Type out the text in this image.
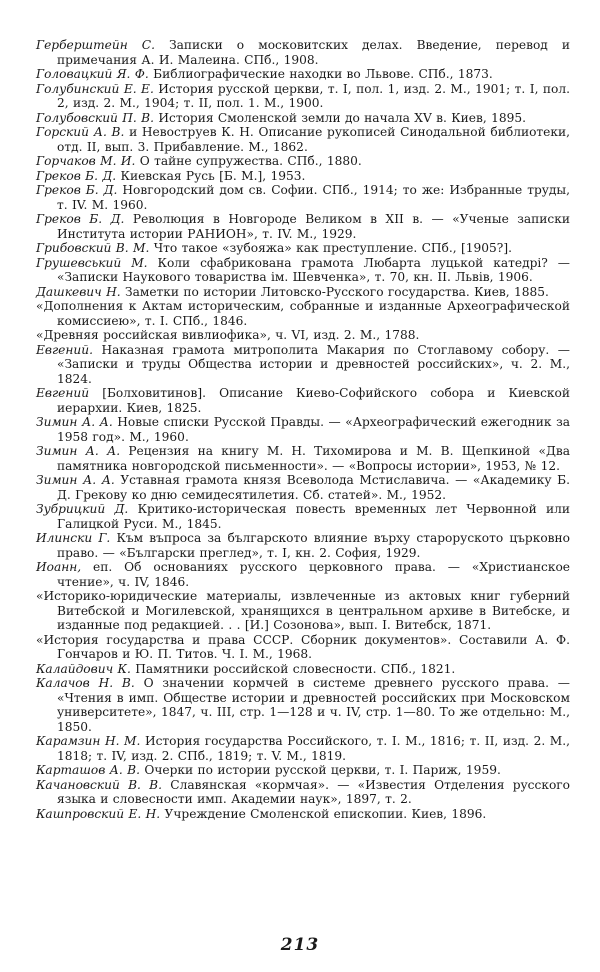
Герберштейн С. Записки о московитских делах. Введение, перевод и примечания А. И. Малеина. СПб., 1908.

Головацкий Я. Ф. Библиографические находки во Львове. СПб., 1873.

Голубинский Е. Е. История русской церкви, т. I, пол. 1, изд. 2. М., 1901; т. I, пол. 2, изд. 2. М., 1904; т. II, пол. 1. М., 1900.

Голубовский П. В. История Смоленской земли до начала XV в. Киев, 1895.

Горский А. В. и Невоструев К. Н. Описание рукописей Синодальной библиотеки, отд. II, вып. 3. Прибавление. М., 1862.

Горчаков М. И. О тайне супружества. СПб., 1880.

Греков Б. Д. Киевская Русь [Б. М.], 1953.

Греков Б. Д. Новгородский дом св. Софии. СПб., 1914; то же: Избранные труды, т. IV. М. 1960.

Греков Б. Д. Революция в Новгороде Великом в XII в. — «Ученые записки Института истории РАНИОН», т. IV. М., 1929.

Грибовский В. М. Что такое «зубояжа» как преступление. СПб., [1905?].

Грушевський М. Коли сфабрикована грамота Любарта луцькой катедрі? — «Записки Наукового товариства ім. Шевченка», т. 70, кн. II. Львів, 1906.

Дашкевич Н. Заметки по истории Литовско-Русского государства. Киев, 1885.

«Дополнения к Актам историческим, собранные и изданные Археографической комиссиею», т. I. СПб., 1846.

«Древняя российская вивлиофика», ч. VI, изд. 2. М., 1788.

Евгений. Наказная грамота митрополита Макария по Стоглавому собору. — «Записки и труды Общества истории и древностей российских», ч. 2. М., 1824.

Евгений [Болховитинов]. Описание Киево-Софийского собора и Киевской иерархии. Киев, 1825.

Зимин А. А. Новые списки Русской Правды. — «Археографический ежегодник за 1958 год». М., 1960.

Зимин А. А. Рецензия на книгу М. Н. Тихомирова и М. В. Щепкиной «Два памятника новгородской письменности». — «Вопросы истории», 1953, № 12.

Зимин А. А. Уставная грамота князя Всеволода Мстиславича. — «Академику Б. Д. Грекову ко дню семидесятилетия. Сб. статей». М., 1952.

Зубрицкий Д. Критико-историческая повесть временных лет Червонной или Галицкой Руси. М., 1845.

Илински Г. Към въпроса за българското влияние върху староруското църковно право. — «Български преглед», т. I, кн. 2. София, 1929.

Иоанн, еп. Об основаниях русского церковного права. — «Христианское чтение», ч. IV, 1846.

«Историко-юридические материалы, извлеченные из актовых книг губерний Витебской и Могилевской, хранящихся в центральном архиве в Витебске, и изданные под редакцией. . . [И.] Созонова», вып. I. Витебск, 1871.

«История государства и права СССР. Сборник документов». Составили А. Ф. Гончаров и Ю. П. Титов. Ч. I. М., 1968.

Калайдович К. Памятники российской словесности. СПб., 1821.

Калачов Н. В. О значении кормчей в системе древнего русского права. — «Чтения в имп. Обществе истории и древностей российских при Московском университете», 1847, ч. III, стр. 1—128 и ч. IV, стр. 1—80. То же отдельно: М., 1850.

Карамзин Н. М. История государства Российского, т. I. М., 1816; т. II, изд. 2. М., 1818; т. IV, изд. 2. СПб., 1819; т. V. М., 1819.

Карташов А. В. Очерки по истории русской церкви, т. I. Париж, 1959.

Качановский В. В. Славянская «кормчая». — «Известия Отделения русского языка и словесности имп. Академии наук», 1897, т. 2.

Кашпровский Е. Н. Учреждение Смоленской епископии. Киев, 1896.

213
